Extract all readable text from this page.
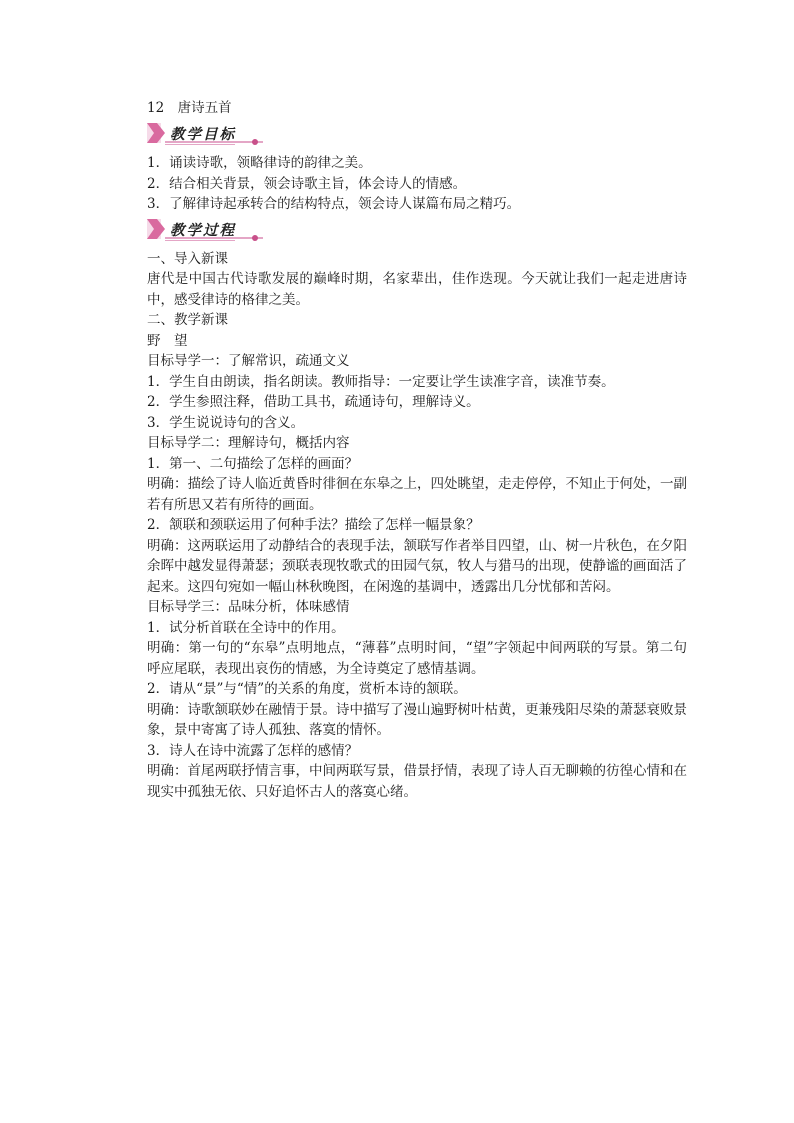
12　唐诗五首

教学目标

1．诵读诗歌，领略律诗的韵律之美。

2．结合相关背景，领会诗歌主旨，体会诗人的情感。

3．了解律诗起承转合的结构特点，领会诗人谋篇布局之精巧。

教学过程

一、导入新课

唐代是中国古代诗歌发展的巅峰时期，名家辈出，佳作迭现。今天就让我们一起走进唐诗中，感受律诗的格律之美。

二、教学新课

野　望

目标导学一：了解常识，疏通文义

1．学生自由朗读，指名朗读。教师指导：一定要让学生读准字音，读准节奏。

2．学生参照注释，借助工具书，疏通诗句，理解诗义。

3．学生说说诗句的含义。

目标导学二：理解诗句，概括内容

1．第一、二句描绘了怎样的画面？

明确：描绘了诗人临近黄昏时徘徊在东皋之上，四处眺望，走走停停，不知止于何处，一副若有所思又若有所待的画面。

2．颔联和颈联运用了何种手法？描绘了怎样一幅景象？

明确：这两联运用了动静结合的表现手法，颔联写作者举目四望，山、树一片秋色，在夕阳余晖中越发显得萧瑟；颈联表现牧歌式的田园气氛，牧人与猎马的出现，使静谧的画面活了起来。这四句宛如一幅山林秋晚图，在闲逸的基调中，透露出几分忧郁和苦闷。

目标导学三：品味分析，体味感情

1．试分析首联在全诗中的作用。

明确：第一句的“东皋”点明地点，“薄暮”点明时间，“望”字领起中间两联的写景。第二句呼应尾联，表现出哀伤的情感，为全诗奠定了感情基调。

2．请从“景”与“情”的关系的角度，赏析本诗的颔联。

明确：诗歌颔联妙在融情于景。诗中描写了漫山遍野树叶枯黄，更兼残阳尽染的萧瑟衰败景象，景中寄寓了诗人孤独、落寞的情怀。

3．诗人在诗中流露了怎样的感情？

明确：首尾两联抒情言事，中间两联写景，借景抒情，表现了诗人百无聊赖的彷徨心情和在现实中孤独无依、只好追怀古人的落寞心绪。
